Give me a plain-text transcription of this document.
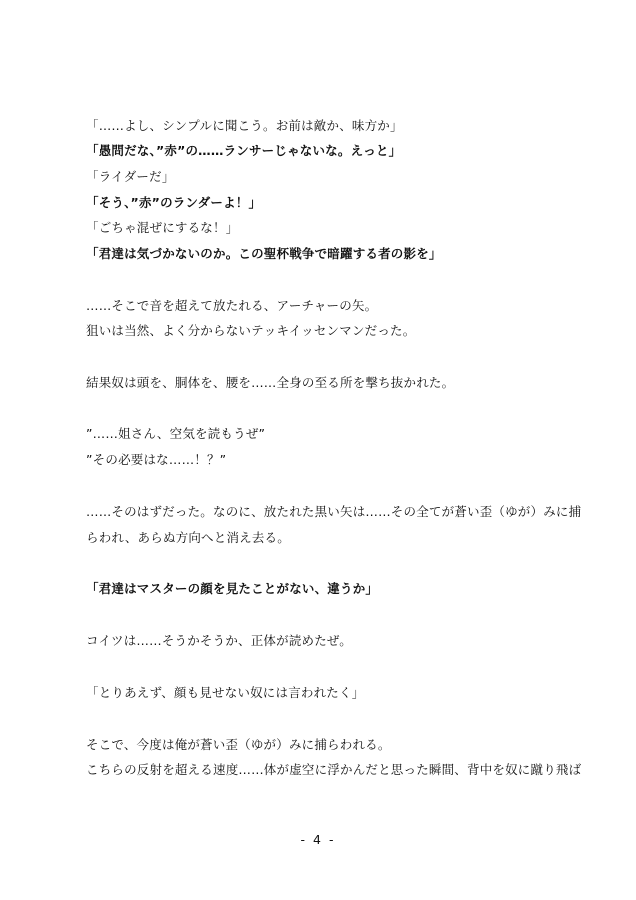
「……よし、シンプルに聞こう。お前は敵か、味方か」
「愚問だな、”赤”の……ランサーじゃないな。えっと」
「ライダーだ」
「そう、”赤”のランダーよ！」
「ごちゃ混ぜにするな！」
「君達は気づかないのか。この聖杯戦争で暗躍する者の影を」
……そこで音を超えて放たれる、アーチャーの矢。
狙いは当然、よく分からないテッキイッセンマンだった。
結果奴は頭を、胴体を、腰を……全身の至る所を撃ち抜かれた。
”……姐さん、空気を読もうぜ”
”その必要はな……！？”
……そのはずだった。なのに、放たれた黒い矢は……その全てが蒼い歪（ゆが）みに捕
らわれ、あらぬ方向へと消え去る。
「君達はマスターの顔を見たことがない、違うか」
コイツは……そうかそうか、正体が読めたぜ。
「とりあえず、顔も見せない奴には言われたく」
そこで、今度は俺が蒼い歪（ゆが）みに捕らわれる。
こちらの反射を超える速度……体が虚空に浮かんだと思った瞬間、背中を奴に蹴り飛ば
- 4 -
